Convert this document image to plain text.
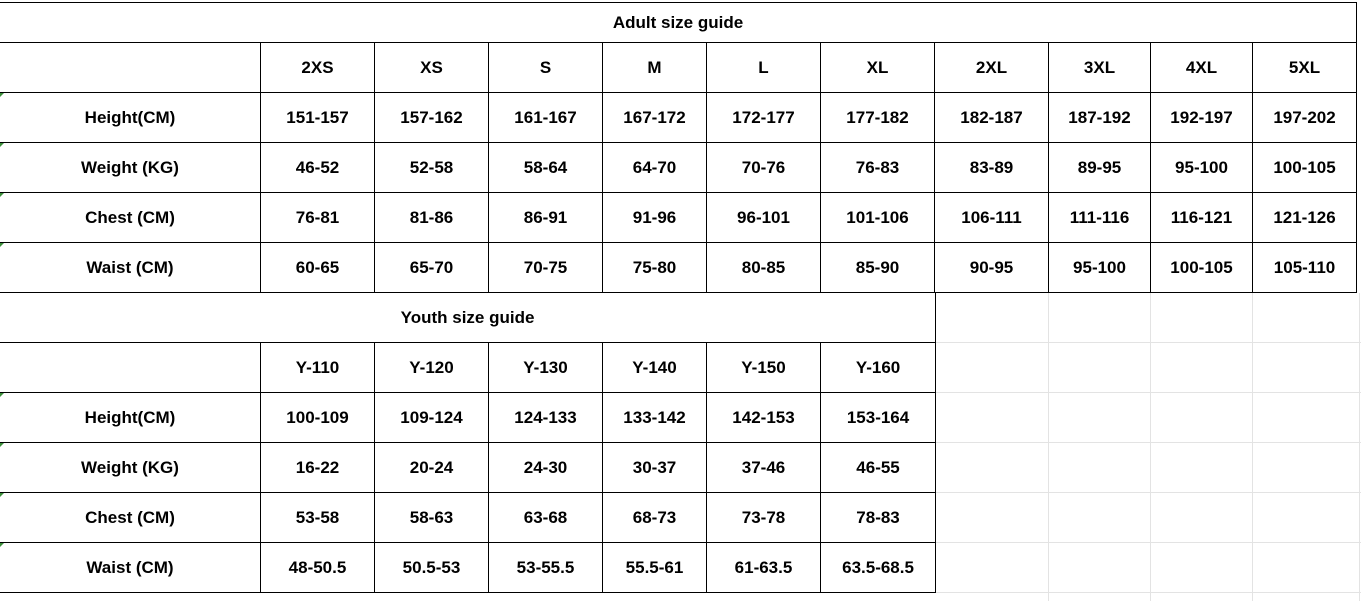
Adult size guide										
	2XS	XS	S	M	L	XL	2XL	3XL	4XL	5XL
Height(CM)	151-157	157-162	161-167	167-172	172-177	177-182	182-187	187-192	192-197	197-202
Weight (KG)	46-52	52-58	58-64	64-70	70-76	76-83	83-89	89-95	95-100	100-105
Chest (CM)	76-81	81-86	86-91	91-96	96-101	101-106	106-111	111-116	116-121	121-126
Waist (CM)	60-65	65-70	70-75	75-80	80-85	85-90	90-95	95-100	100-105	105-110
Youth size guide						
	Y-110	Y-120	Y-130	Y-140	Y-150	Y-160
Height(CM)	100-109	109-124	124-133	133-142	142-153	153-164
Weight (KG)	16-22	20-24	24-30	30-37	37-46	46-55
Chest (CM)	53-58	58-63	63-68	68-73	73-78	78-83
Waist (CM)	48-50.5	50.5-53	53-55.5	55.5-61	61-63.5	63.5-68.5
